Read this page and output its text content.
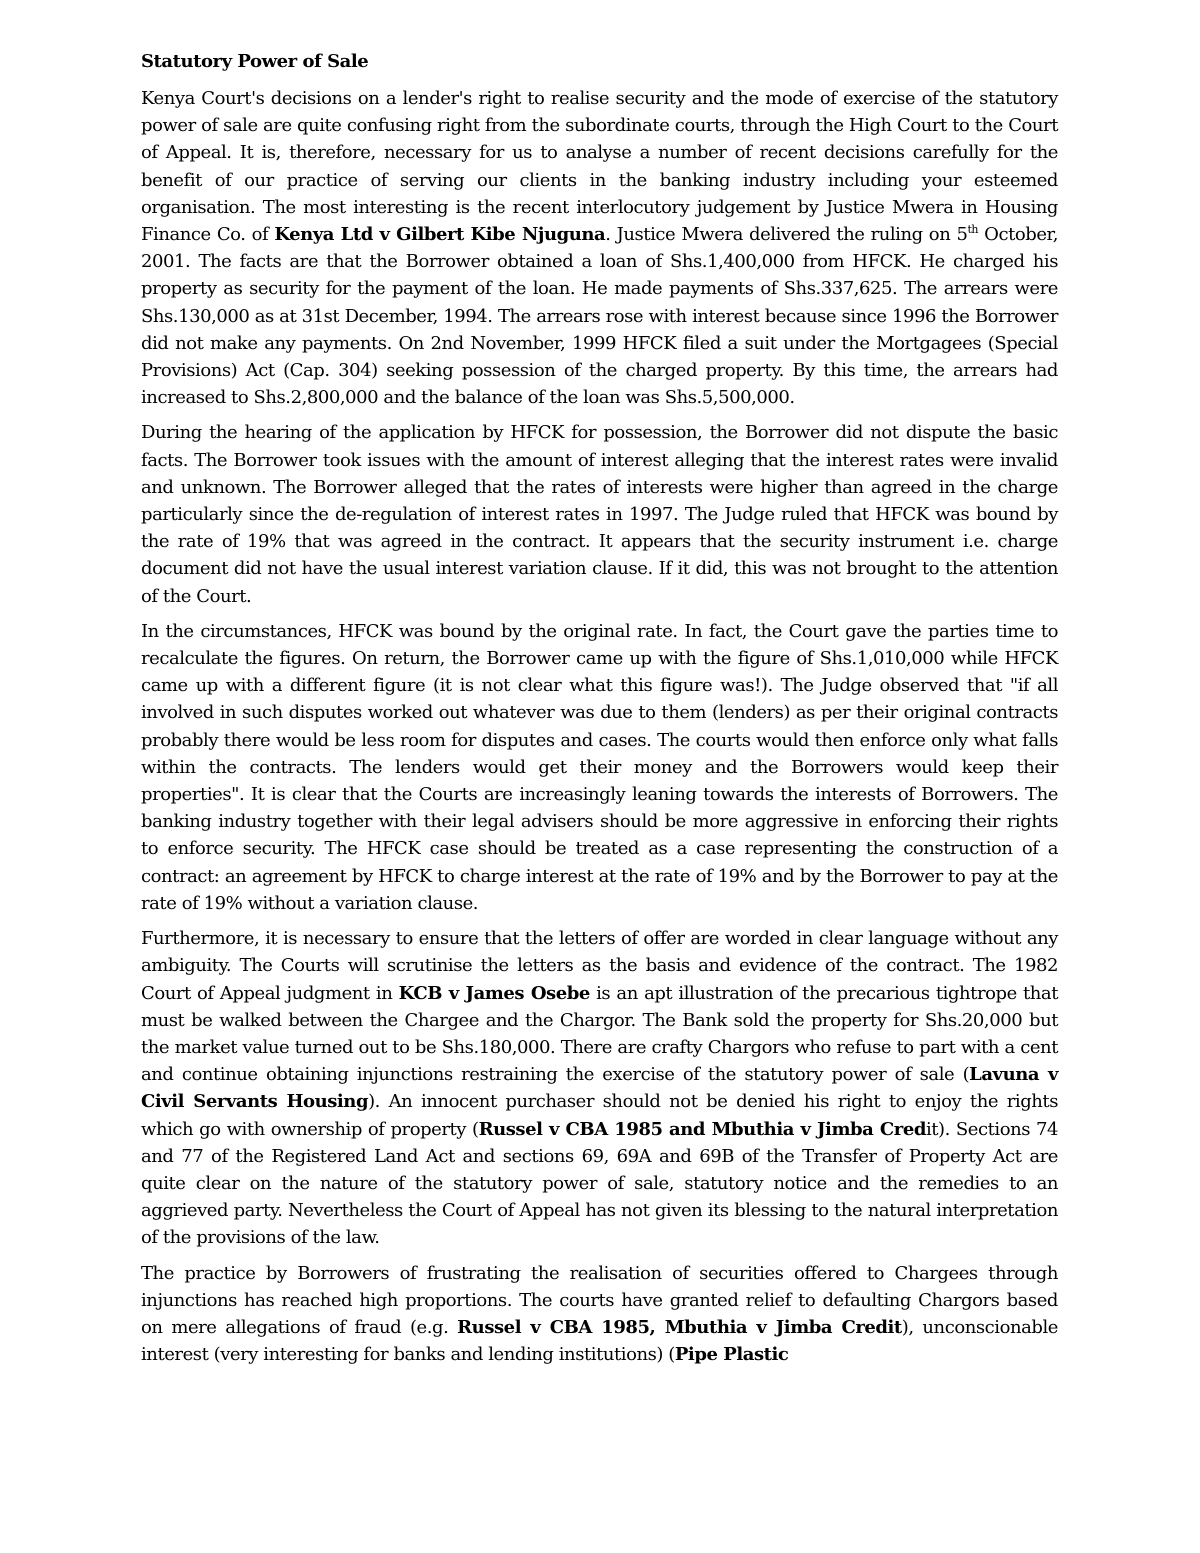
Statutory Power of Sale

Kenya Court's decisions on a lender's right to realise security and the mode of exercise of the statutory power of sale are quite confusing right from the subordinate courts, through the High Court to the Court of Appeal. It is, therefore, necessary for us to analyse a number of recent decisions carefully for the benefit of our practice of serving our clients in the banking industry including your esteemed organisation. The most interesting is the recent interlocutory judgement by Justice Mwera in Housing Finance Co. of Kenya Ltd v Gilbert Kibe Njuguna. Justice Mwera delivered the ruling on 5th October, 2001. The facts are that the Borrower obtained a loan of Shs.1,400,000 from HFCK. He charged his property as security for the payment of the loan. He made payments of Shs.337,625. The arrears were Shs.130,000 as at 31st December, 1994. The arrears rose with interest because since 1996 the Borrower did not make any payments. On 2nd November, 1999 HFCK filed a suit under the Mortgagees (Special Provisions) Act (Cap. 304) seeking possession of the charged property. By this time, the arrears had increased to Shs.2,800,000 and the balance of the loan was Shs.5,500,000.

During the hearing of the application by HFCK for possession, the Borrower did not dispute the basic facts. The Borrower took issues with the amount of interest alleging that the interest rates were invalid and unknown. The Borrower alleged that the rates of interests were higher than agreed in the charge particularly since the de-regulation of interest rates in 1997. The Judge ruled that HFCK was bound by the rate of 19% that was agreed in the contract. It appears that the security instrument i.e. charge document did not have the usual interest variation clause. If it did, this was not brought to the attention of the Court.

In the circumstances, HFCK was bound by the original rate. In fact, the Court gave the parties time to recalculate the figures. On return, the Borrower came up with the figure of Shs.1,010,000 while HFCK came up with a different figure (it is not clear what this figure was!). The Judge observed that "if all involved in such disputes worked out whatever was due to them (lenders) as per their original contracts probably there would be less room for disputes and cases. The courts would then enforce only what falls within the contracts. The lenders would get their money and the Borrowers would keep their properties". It is clear that the Courts are increasingly leaning towards the interests of Borrowers. The banking industry together with their legal advisers should be more aggressive in enforcing their rights to enforce security. The HFCK case should be treated as a case representing the construction of a contract: an agreement by HFCK to charge interest at the rate of 19% and by the Borrower to pay at the rate of 19% without a variation clause.

Furthermore, it is necessary to ensure that the letters of offer are worded in clear language without any ambiguity. The Courts will scrutinise the letters as the basis and evidence of the contract. The 1982 Court of Appeal judgment in KCB v James Osebe is an apt illustration of the precarious tightrope that must be walked between the Chargee and the Chargor. The Bank sold the property for Shs.20,000 but the market value turned out to be Shs.180,000. There are crafty Chargors who refuse to part with a cent and continue obtaining injunctions restraining the exercise of the statutory power of sale (Lavuna v Civil Servants Housing). An innocent purchaser should not be denied his right to enjoy the rights which go with ownership of property (Russel v CBA 1985 and Mbuthia v Jimba Credit). Sections 74 and 77 of the Registered Land Act and sections 69, 69A and 69B of the Transfer of Property Act are quite clear on the nature of the statutory power of sale, statutory notice and the remedies to an aggrieved party. Nevertheless the Court of Appeal has not given its blessing to the natural interpretation of the provisions of the law.

The practice by Borrowers of frustrating the realisation of securities offered to Chargees through injunctions has reached high proportions. The courts have granted relief to defaulting Chargors based on mere allegations of fraud (e.g. Russel v CBA 1985, Mbuthia v Jimba Credit), unconscionable interest (very interesting for banks and lending institutions) (Pipe Plastic
